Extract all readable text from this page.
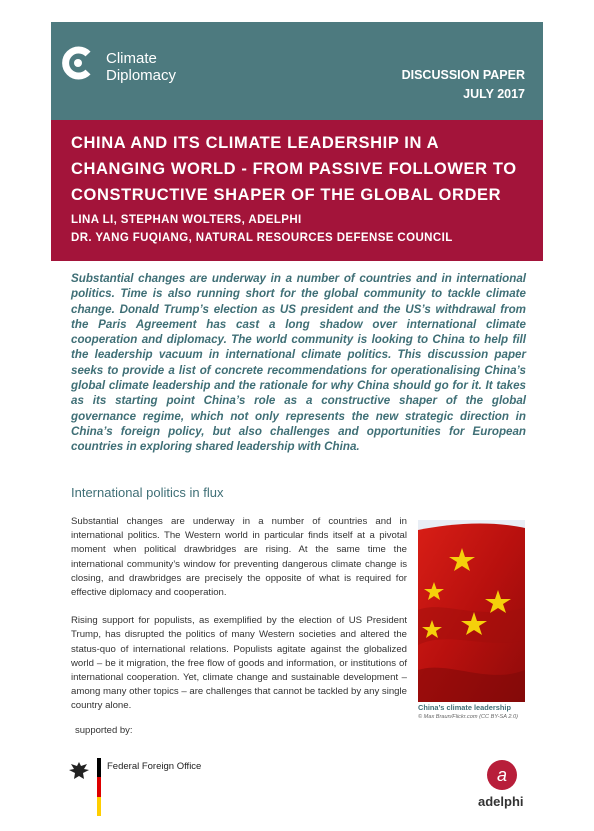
Climate
Diplomacy	DISCUSSION PAPER
JULY 2017
CHINA AND ITS CLIMATE LEADERSHIP IN A
CHANGING WORLD - FROM PASSIVE FOLLOWER TO
CONSTRUCTIVE SHAPER OF THE GLOBAL ORDER
LINA LI, STEPHAN WOLTERS, ADELPHI
DR. YANG FUQIANG, NATURAL RESOURCES DEFENSE COUNCIL
Substantial changes are underway in a number of countries and in international politics. Time is also running short for the global community to tackle climate change. Donald Trump’s election as US president and the US’s withdrawal from the Paris Agreement has cast a long shadow over international climate cooperation and diplomacy. The world community is looking to China to help fill the leadership vacuum in international climate politics. This discussion paper seeks to provide a list of concrete recommendations for operationalising China’s global climate leadership and the rationale for why China should go for it. It takes as its starting point China’s role as a constructive shaper of the global governance regime, which not only represents the new strategic direction in China’s foreign policy, but also challenges and opportunities for European countries in exploring shared leadership with China.
International politics in flux

Substantial changes are underway in a number of countries and in international politics. The Western world in particular finds itself at a pivotal moment when political drawbridges are rising. At the same time the international community’s window for preventing dangerous climate change is closing, and drawbridges are precisely the opposite of what is required for effective diplomacy and cooperation.

Rising support for populists, as exemplified by the election of US President Trump, has disrupted the politics of many Western societies and altered the status-quo of international relations. Populists agitate against the globalized world – be it migration, the free flow of goods and information, or institutions of international cooperation. Yet, climate change and sustainable development – among many other topics – are challenges that cannot be tackled by any single country alone.	China’s climate leadership
© Max Braun/Flickr.com (CC BY-SA 2.0)
supported by:
Federal Foreign Office	a
adelphi
